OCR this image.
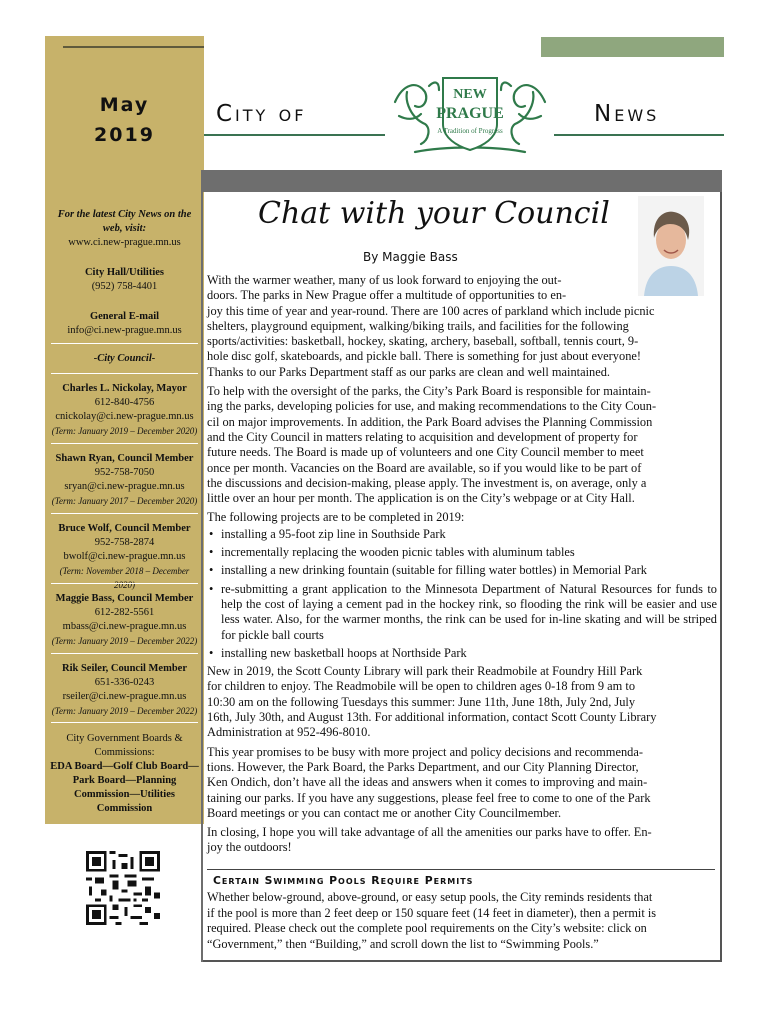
May
2019
For the latest City News on the
web, visit:
www.ci.new-prague.mn.us
City Hall/Utilities
(952) 758-4401
General E-mail
info@ci.new-prague.mn.us
-City Council-
Charles L. Nickolay, Mayor
612-840-4756
cnickolay@ci.new-prague.mn.us
(Term: January 2019 – December 2020)
Shawn Ryan, Council Member
952-758-7050
sryan@ci.new-prague.mn.us
(Term: January 2017 – December 2020)
Bruce Wolf, Council Member
952-758-2874
bwolf@ci.new-prague.mn.us
(Term: November 2018 – December 2020)
Maggie Bass, Council Member
612-282-5561
mbass@ci.new-prague.mn.us
(Term: January 2019 – December 2022)
Rik Seiler, Council Member
651-336-0243
rseiler@ci.new-prague.mn.us
(Term: January 2019 – December 2022)
City Government Boards &
Commissions:
EDA Board—Golf Club Board—
Park Board—Planning
Commission—Utilities
Commission
City of	News
NEW
PRAGUE
A Tradition of Progress
Chat with your Council
By Maggie Bass

With the warmer weather, many of us look forward to enjoying the out-
doors. The parks in New Prague offer a multitude of opportunities to en-
joy this time of year and year-round. There are 100 acres of parkland which include picnic
shelters, playground equipment, walking/biking trails, and facilities for the following
sports/activities: basketball, hockey, skating, archery, baseball, softball, tennis court, 9-
hole disc golf, skateboards, and pickle ball. There is something for just about everyone!
Thanks to our Parks Department staff as our parks are clean and well maintained.

To help with the oversight of the parks, the City’s Park Board is responsible for maintain-
ing the parks, developing policies for use, and making recommendations to the City Coun-
cil on major improvements. In addition, the Park Board advises the Planning Commission
and the City Council in matters relating to acquisition and development of property for
future needs. The Board is made up of volunteers and one City Council member to meet
once per month. Vacancies on the Board are available, so if you would like to be part of
the discussions and decision-making, please apply. The investment is, on average, only a
little over an hour per month. The application is on the City’s webpage or at City Hall.

The following projects are to be completed in 2019:

• installing a 95-foot zip line in Southside Park
• incrementally replacing the wooden picnic tables with aluminum tables
• installing a new drinking fountain (suitable for filling water bottles) in Memorial Park
• re-submitting a grant application to the Minnesota Department of Natural Resources for funds to help the cost of laying a cement pad in the hockey rink, so flooding the rink will be easier and use less water. Also, for the warmer months, the rink can be used for in-line skating and will be striped for pickle ball courts
• installing new basketball hoops at Northside Park

New in 2019, the Scott County Library will park their Readmobile at Foundry Hill Park
for children to enjoy. The Readmobile will be open to children ages 0-18 from 9 am to
10:30 am on the following Tuesdays this summer: June 11th, June 18th, July 2nd, July
16th, July 30th, and August 13th. For additional information, contact Scott County Library
Administration at 952-496-8010.

This year promises to be busy with more project and policy decisions and recommenda-
tions. However, the Park Board, the Parks Department, and our City Planning Director,
Ken Ondich, don’t have all the ideas and answers when it comes to improving and main-
taining our parks. If you have any suggestions, please feel free to come to one of the Park
Board meetings or you can contact me or another City Councilmember.

In closing, I hope you will take advantage of all the amenities our parks have to offer. En-
joy the outdoors!

Certain Swimming Pools Require Permits
Whether below-ground, above-ground, or easy setup pools, the City reminds residents that
if the pool is more than 2 feet deep or 150 square feet (14 feet in diameter), then a permit is
required. Please check out the complete pool requirements on the City’s website: click on
“Government,” then “Building,” and scroll down the list to “Swimming Pools.”
